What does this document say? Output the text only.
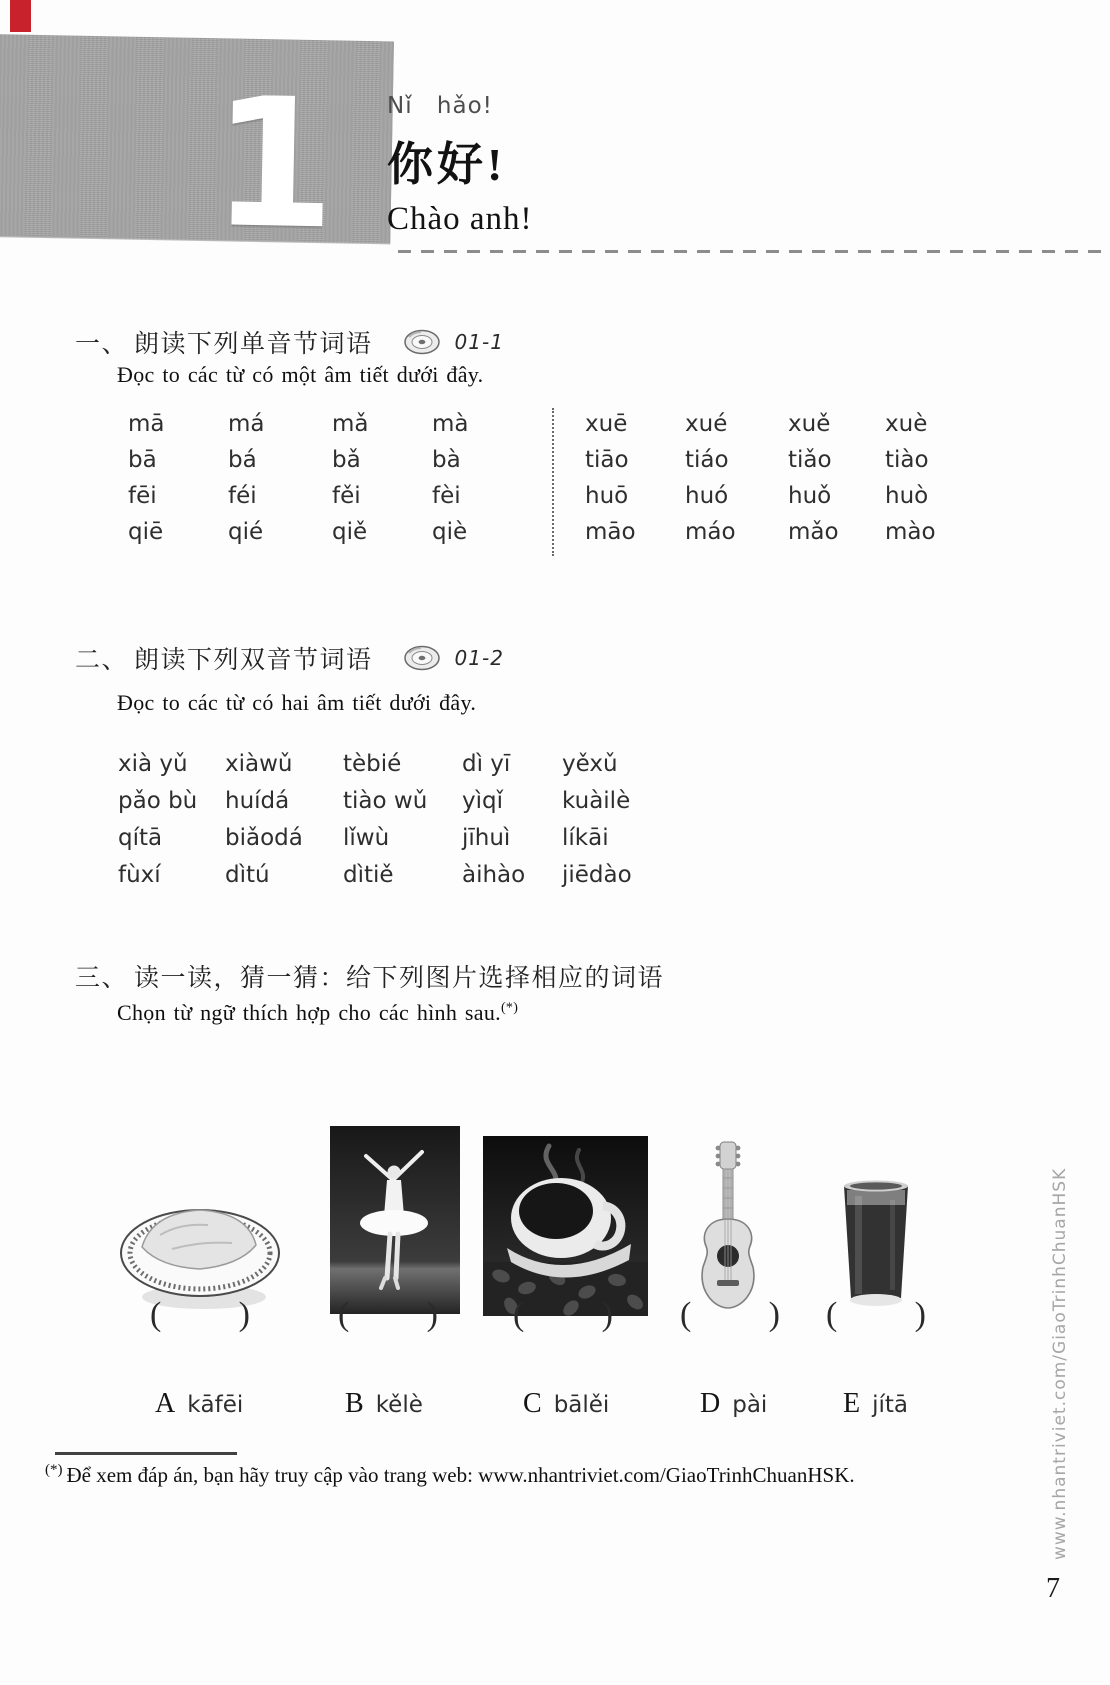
1 Nǐ hǎo!
你好!
Chào anh!
一、 朗读下列单音节词语	01-1
Đọc to các từ có một âm tiết dưới đây.
mā	má	mǎ	mà
bā	bá	bǎ	bà
fēi	féi	fěi	fèi
qiē	qié	qiě	qiè
xuē	xué	xuě	xuè
tiāo	tiáo	tiǎo	tiào
huō	huó	huǒ	huò
māo	máo	mǎo	mào
二、 朗读下列双音节词语	01-2
Đọc to các từ có hai âm tiết dưới đây.
xià yǔ	xiàwǔ	tèbié	dì yī	yěxǔ
pǎo bù	huídá	tiào wǔ	yìqǐ	kuàilè
qítā	biǎodá	lǐwù	jīhuì	líkāi
fùxí	dìtú	dìtiě	àihào	jiēdào
三、 读一读，猜一猜：给下列图片选择相应的词语
Chọn từ ngữ thích hợp cho các hình sau.(*)
( )	( ) ( ) ( ) ( )
A kāfēi	B kělè	C bālěi	D pài	E jítā
(*) Để xem đáp án, bạn hãy truy cập vào trang web: www.nhantriviet.com/GiaoTrinhChuanHSK.	www.nhantriviet.com/GiaoTrinhChuanHSK
7
